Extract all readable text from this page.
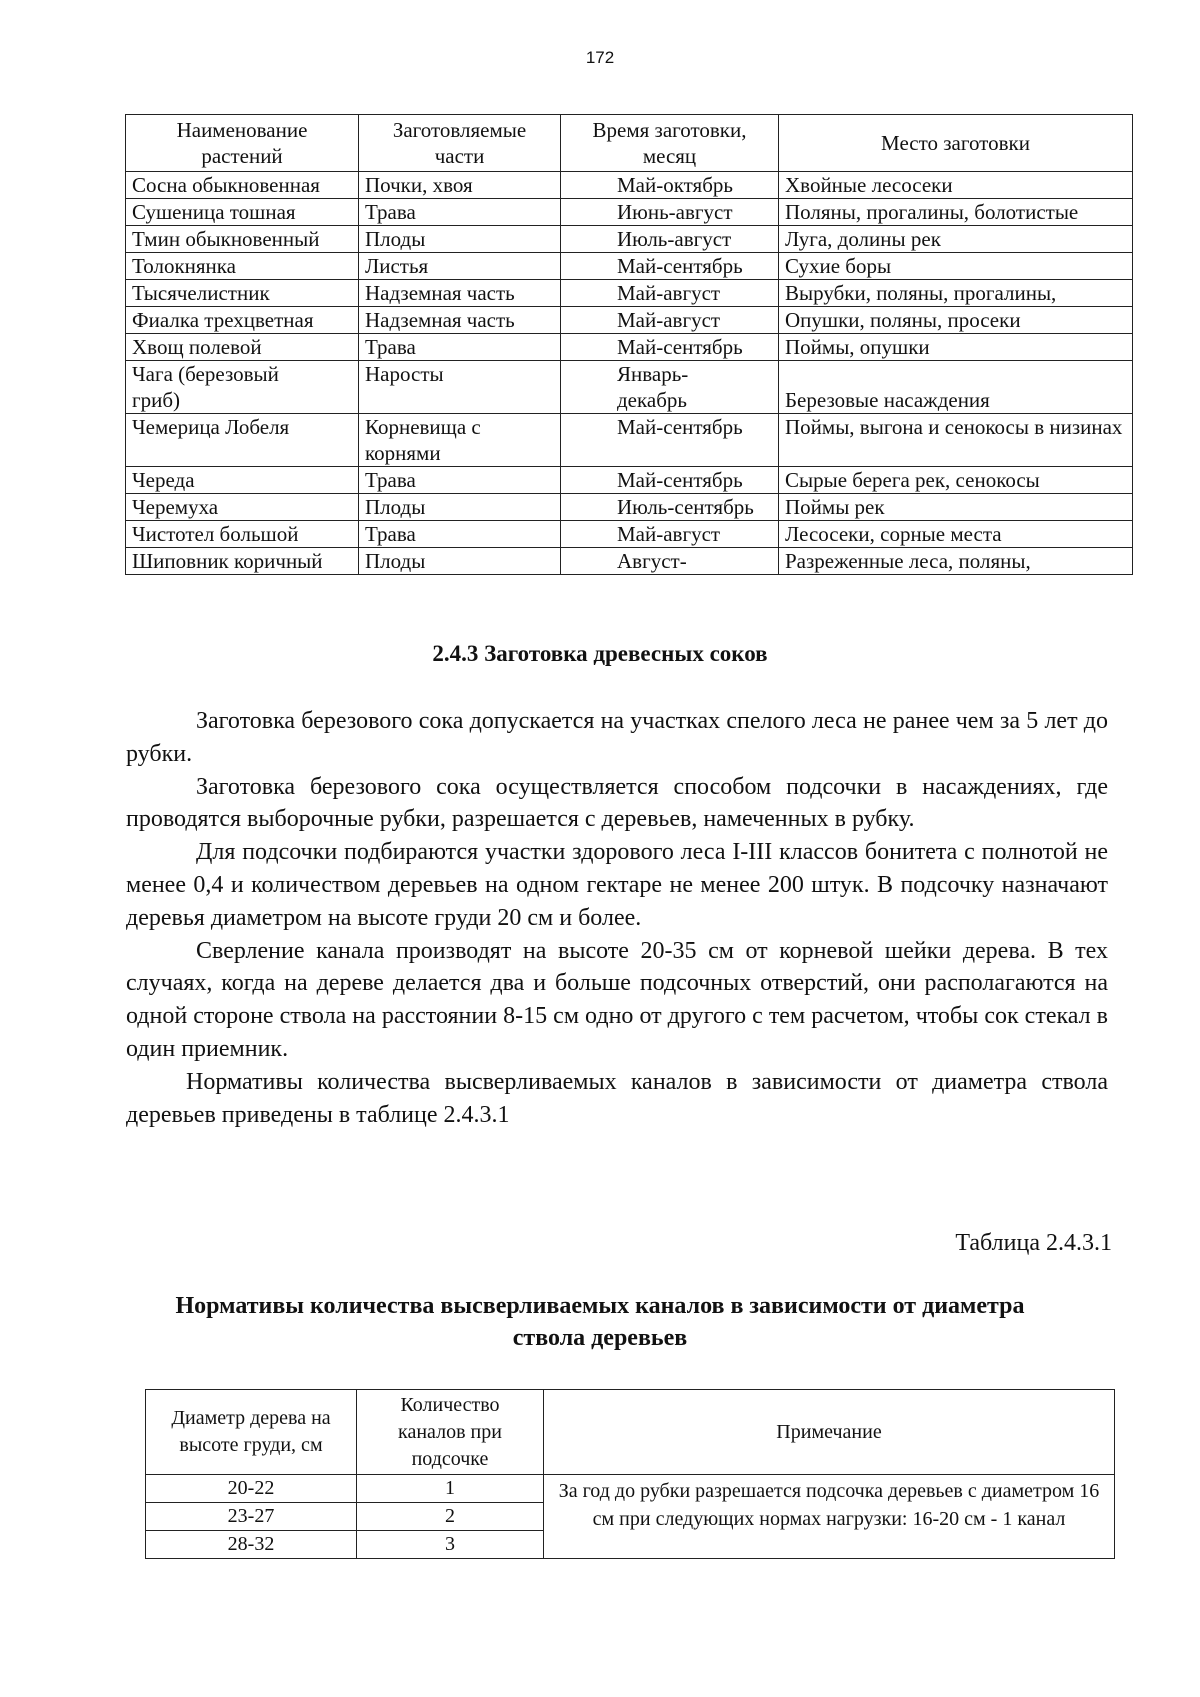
172
Наименование растений	Заготовляемые части	Время заготовки, месяц	Место заготовки
Сосна обыкновенная	Почки, хвоя	Май-октябрь	Хвойные лесосеки
Сушеница тошная	Трава	Июнь-август	Поляны, прогалины, болотистые
Тмин обыкновенный	Плоды	Июль-август	Луга, долины рек
Толокнянка	Листья	Май-сентябрь	Сухие боры
Тысячелистник	Надземная часть	Май-август	Вырубки, поляны, прогалины,
Фиалка трехцветная	Надземная часть	Май-август	Опушки, поляны, просеки
Хвощ полевой	Трава	Май-сентябрь	Поймы, опушки
Чага (березовый гриб)	Наросты	Январь-декабрь	Березовые насаждения
Чемерица Лобеля	Корневища с корнями	Май-сентябрь	Поймы, выгона и сенокосы в низинах
Череда	Трава	Май-сентябрь	Сырые берега рек, сенокосы
Черемуха	Плоды	Июль-сентябрь	Поймы рек
Чистотел большой	Трава	Май-август	Лесосеки, сорные места
Шиповник коричный	Плоды	Август-	Разреженные леса, поляны,
2.4.3 Заготовка древесных соков

Заготовка березового сока допускается на участках спелого леса не ранее чем за 5 лет до рубки.

Заготовка березового сока осуществляется способом подсочки в насаждениях, где проводятся выборочные рубки, разрешается с деревьев, намеченных в рубку.

Для подсочки подбираются участки здорового леса I-III классов бонитета с полнотой не менее 0,4 и количеством деревьев на одном гектаре не менее 200 штук. В подсочку назначают деревья диаметром на высоте груди 20 см и более.

Сверление канала производят на высоте 20-35 см от корневой шейки дерева. В тех случаях, когда на дереве делается два и больше подсочных отверстий, они располагаются на одной стороне ствола на расстоянии 8-15 см одно от другого с тем расчетом, чтобы сок стекал в один приемник.

Нормативы количества высверливаемых каналов в зависимости от диаметра ствола деревьев приведены в таблице 2.4.3.1

Таблица 2.4.3.1
Нормативы количества высверливаемых каналов в зависимости от диаметра ствола деревьев
Диаметр дерева на высоте груди, см	Количество каналов при подсочке	Примечание
20-22	1	За год до рубки разрешается подсочка деревьев с диаметром 16 см при следующих нормах нагрузки: 16-20 см - 1 канал
23-27	2	
28-32	3	
